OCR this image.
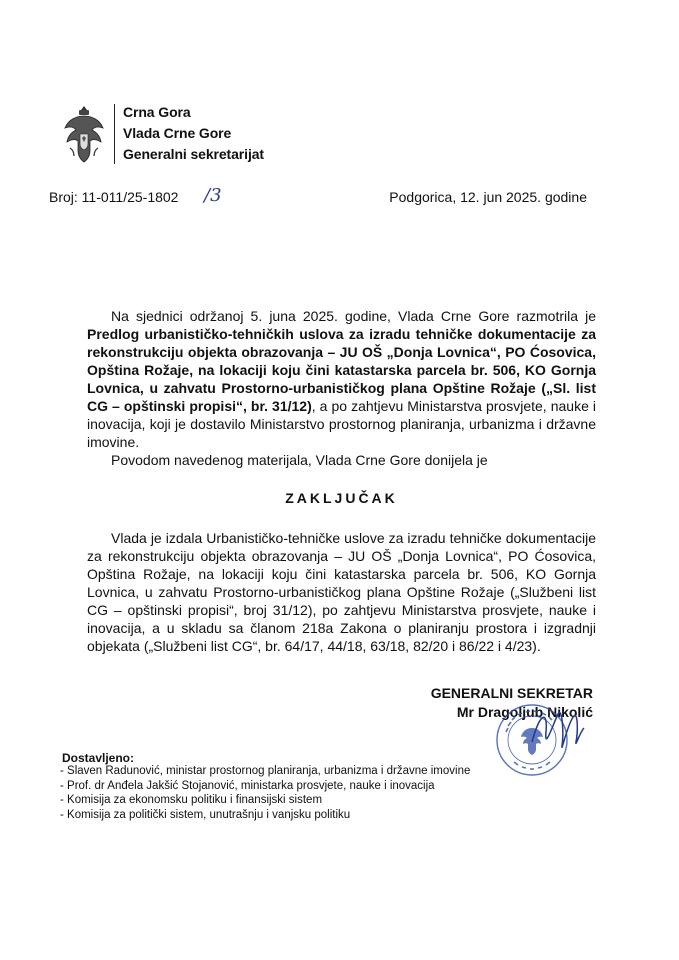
Crna Gora
Vlada Crne Gore
Generalni sekretarijat
Broj: 11-011/25-1802 /3	Podgorica, 12. jun 2025. godine

Na sjednici održanoj 5. juna 2025. godine, Vlada Crne Gore razmotrila je Predlog urbanističko-tehničkih uslova za izradu tehničke dokumentacije za rekonstrukciju objekta obrazovanja – JU OŠ „Donja Lovnica“, PO Ćosovica, Opština Rožaje, na lokaciji koju čini katastarska parcela br. 506, KO Gornja Lovnica, u zahvatu Prostorno-urbanističkog plana Opštine Rožaje („Sl. list CG – opštinski propisi“, br. 31/12), a po zahtjevu Ministarstva prosvjete, nauke i inovacija, koji je dostavilo Ministarstvo prostornog planiranja, urbanizma i državne imovine.

Povodom navedenog materijala, Vlada Crne Gore donijela je

ZAKLJUČAK

Vlada je izdala Urbanističko-tehničke uslove za izradu tehničke dokumentacije za rekonstrukciju objekta obrazovanja – JU OŠ „Donja Lovnica“, PO Ćosovica, Opština Rožaje, na lokaciji koju čini katastarska parcela br. 506, KO Gornja Lovnica, u zahvatu Prostorno-urbanističkog plana Opštine Rožaje („Službeni list CG – opštinski propisi“, broj 31/12), po zahtjevu Ministarstva prosvjete, nauke i inovacija, a u skladu sa članom 218a Zakona o planiranju prostora i izgradnji objekata („Službeni list CG“, br. 64/17, 44/18, 63/18, 82/20 i 86/22 i 4/23).

GENERALNI SEKRETAR
Mr Dragoljub Nikolić
Dostavljeno:
- Slaven Radunović, ministar prostornog planiranja, urbanizma i državne imovine
- Prof. dr Anđela Jakšić Stojanović, ministarka prosvjete, nauke i inovacija
- Komisija za ekonomsku politiku i finansijski sistem
- Komisija za politički sistem, unutrašnju i vanjsku politiku
